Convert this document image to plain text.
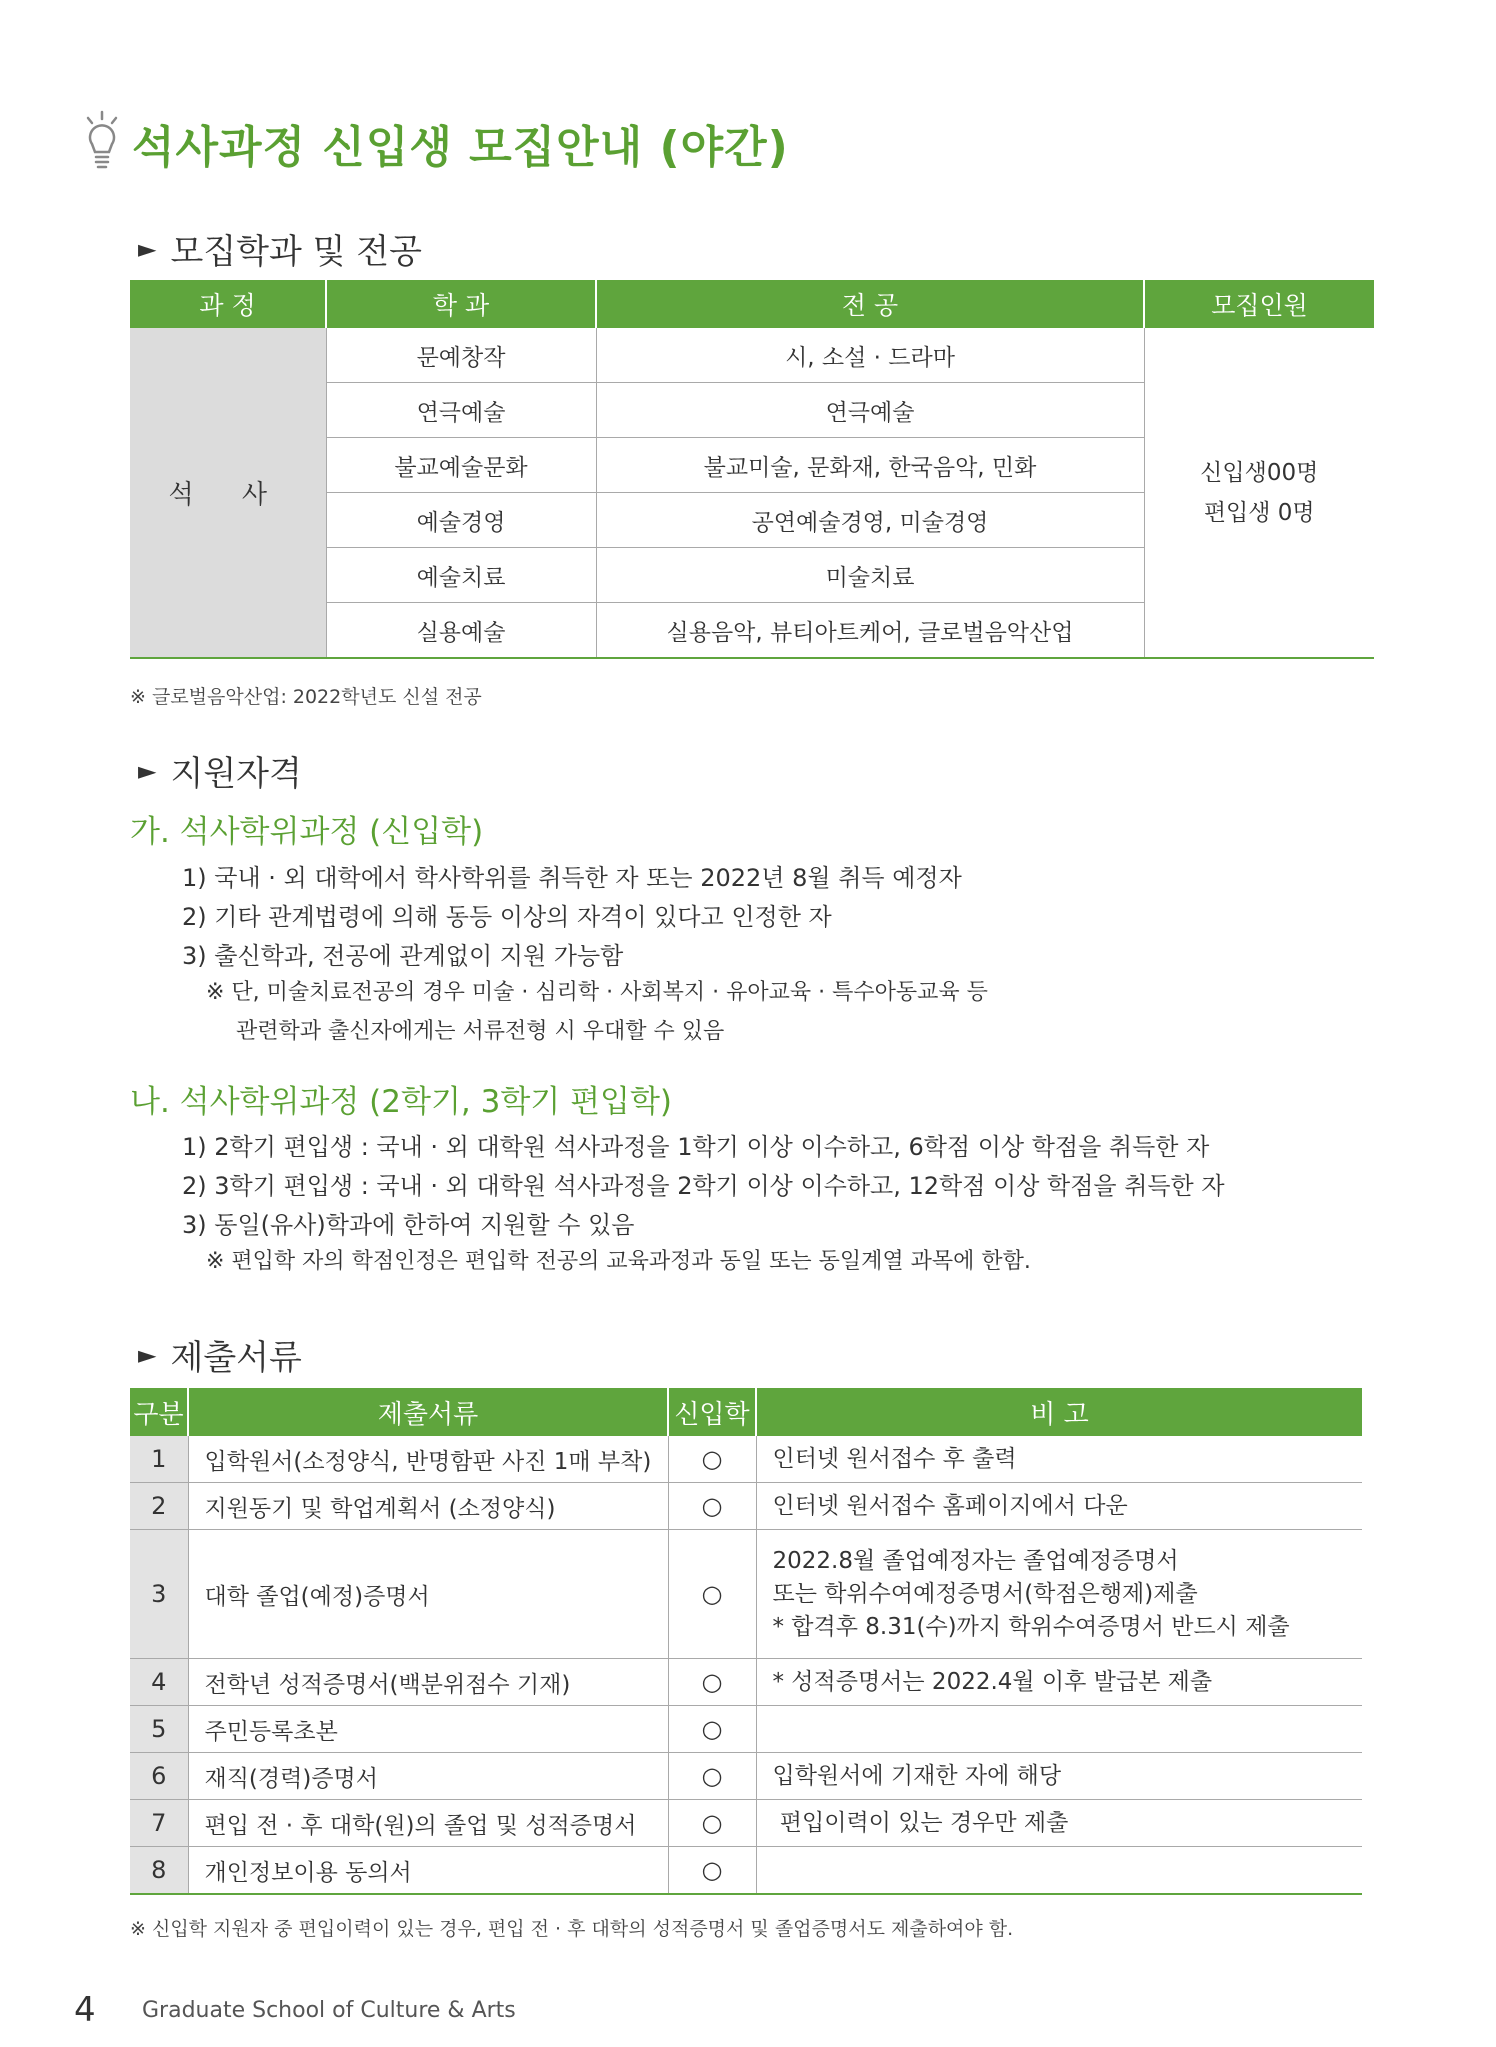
석사과정 신입생 모집안내 (야간)
► 모집학과 및 전공
과 정	학 과	전 공	모집인원
석 사	문예창작	시, 소설 · 드라마	신입생00명
편입생 0명

	연극예술	연극예술	
	불교예술문화	불교미술, 문화재, 한국음악, 민화	
	예술경영	공연예술경영, 미술경영	
	예술치료	미술치료	
	실용예술	실용음악, 뷰티아트케어, 글로벌음악산업	
※ 글로벌음악산업: 2022학년도 신설 전공
► 지원자격
가. 석사학위과정 (신입학)
1) 국내 · 외 대학에서 학사학위를 취득한 자 또는 2022년 8월 취득 예정자
2) 기타 관계법령에 의해 동등 이상의 자격이 있다고 인정한 자
3) 출신학과, 전공에 관계없이 지원 가능함
※ 단, 미술치료전공의 경우 미술 · 심리학 · 사회복지 · 유아교육 · 특수아동교육 등
관련학과 출신자에게는 서류전형 시 우대할 수 있음
나. 석사학위과정 (2학기, 3학기 편입학)
1) 2학기 편입생 : 국내 · 외 대학원 석사과정을 1학기 이상 이수하고, 6학점 이상 학점을 취득한 자
2) 3학기 편입생 : 국내 · 외 대학원 석사과정을 2학기 이상 이수하고, 12학점 이상 학점을 취득한 자
3) 동일(유사)학과에 한하여 지원할 수 있음
※ 편입학 자의 학점인정은 편입학 전공의 교육과정과 동일 또는 동일계열 과목에 한함.
► 제출서류
구분	제출서류	신입학	비 고
1	입학원서(소정양식, 반명함판 사진 1매 부착)	○	인터넷 원서접수 후 출력
2	지원동기 및 학업계획서 (소정양식)	○	인터넷 원서접수 홈페이지에서 다운
3	대학 졸업(예정)증명서	○	2022.8월 졸업예정자는 졸업예정증명서
또는 학위수여예정증명서(학점은행제)제출
* 합격후 8.31(수)까지 학위수여증명서 반드시 제출

4	전학년 성적증명서(백분위점수 기재)	○	* 성적증명서는 2022.4월 이후 발급본 제출
5	주민등록초본	○	
6	재직(경력)증명서	○	입학원서에 기재한 자에 해당
7	편입 전 · 후 대학(원)의 졸업 및 성적증명서	○	편입이력이 있는 경우만 제출
8	개인정보이용 동의서	○	
※ 신입학 지원자 중 편입이력이 있는 경우, 편입 전 · 후 대학의 성적증명서 및 졸업증명서도 제출하여야 함.
4 Graduate School of Culture & Arts
